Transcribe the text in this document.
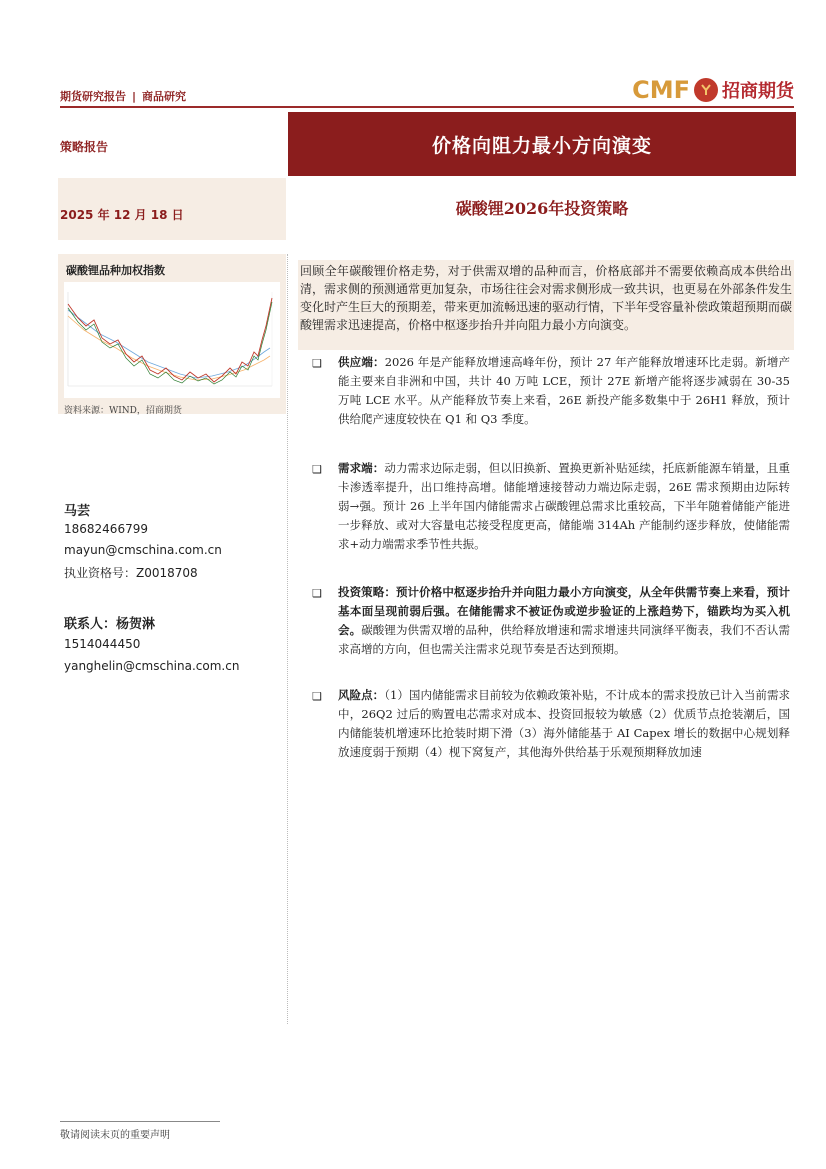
期货研究报告 | 商品研究	CMF 招商期货
策略报告	价格向阻力最小方向演变
2025 年 12 月 18 日	碳酸锂2026年投资策略
碳酸锂品种加权指数
资料来源：WIND，招商期货
马芸
18682466799
mayun@cmschina.com.cn
执业资格号：Z0018708
联系人：杨贺淋
1514044450
yanghelin@cmschina.com.cn
回顾全年碳酸锂价格走势，对于供需双增的品种而言，价格底部并不需要依赖高成本供给出清，需求侧的预测通常更加复杂，市场往往会对需求侧形成一致共识，也更易在外部条件发生变化时产生巨大的预期差，带来更加流畅迅速的驱动行情，下半年受容量补偿政策超预期而碳酸锂需求迅速提高，价格中枢逐步抬升并向阻力最小方向演变。
❑	供应端：2026 年是产能释放增速高峰年份，预计 27 年产能释放增速环比走弱。新增产能主要来自非洲和中国，共计 40 万吨 LCE，预计 27E 新增产能将逐步减弱在 30-35 万吨 LCE 水平。从产能释放节奏上来看，26E 新投产能多数集中于 26H1 释放，预计供给爬产速度较快在 Q1 和 Q3 季度。
❑	需求端：动力需求边际走弱，但以旧换新、置换更新补贴延续，托底新能源车销量，且重卡渗透率提升，出口维持高增。储能增速接替动力端边际走弱，26E 需求预期由边际转弱→强。预计 26 上半年国内储能需求占碳酸锂总需求比重较高，下半年随着储能产能进一步释放、或对大容量电芯接受程度更高，储能端 314Ah 产能制约逐步释放，使储能需求+动力端需求季节性共振。
❑	投资策略：预计价格中枢逐步抬升并向阻力最小方向演变，从全年供需节奏上来看，预计基本面呈现前弱后强。在储能需求不被证伪或逆步验证的上涨趋势下，锚跌均为买入机会。碳酸锂为供需双增的品种，供给释放增速和需求增速共同演绎平衡表，我们不否认需求高增的方向，但也需关注需求兑现节奏是否达到预期。
❑	风险点：（1）国内储能需求目前较为依赖政策补贴，不计成本的需求投放已计入当前需求中，26Q2 过后的购置电芯需求对成本、投资回报较为敏感（2）优质节点抢装潮后，国内储能装机增速环比抢装时期下滑（3）海外储能基于 AI Capex 增长的数据中心规划释放速度弱于预期（4）枧下窝复产，其他海外供给基于乐观预期释放加速
敬请阅读末页的重要声明
